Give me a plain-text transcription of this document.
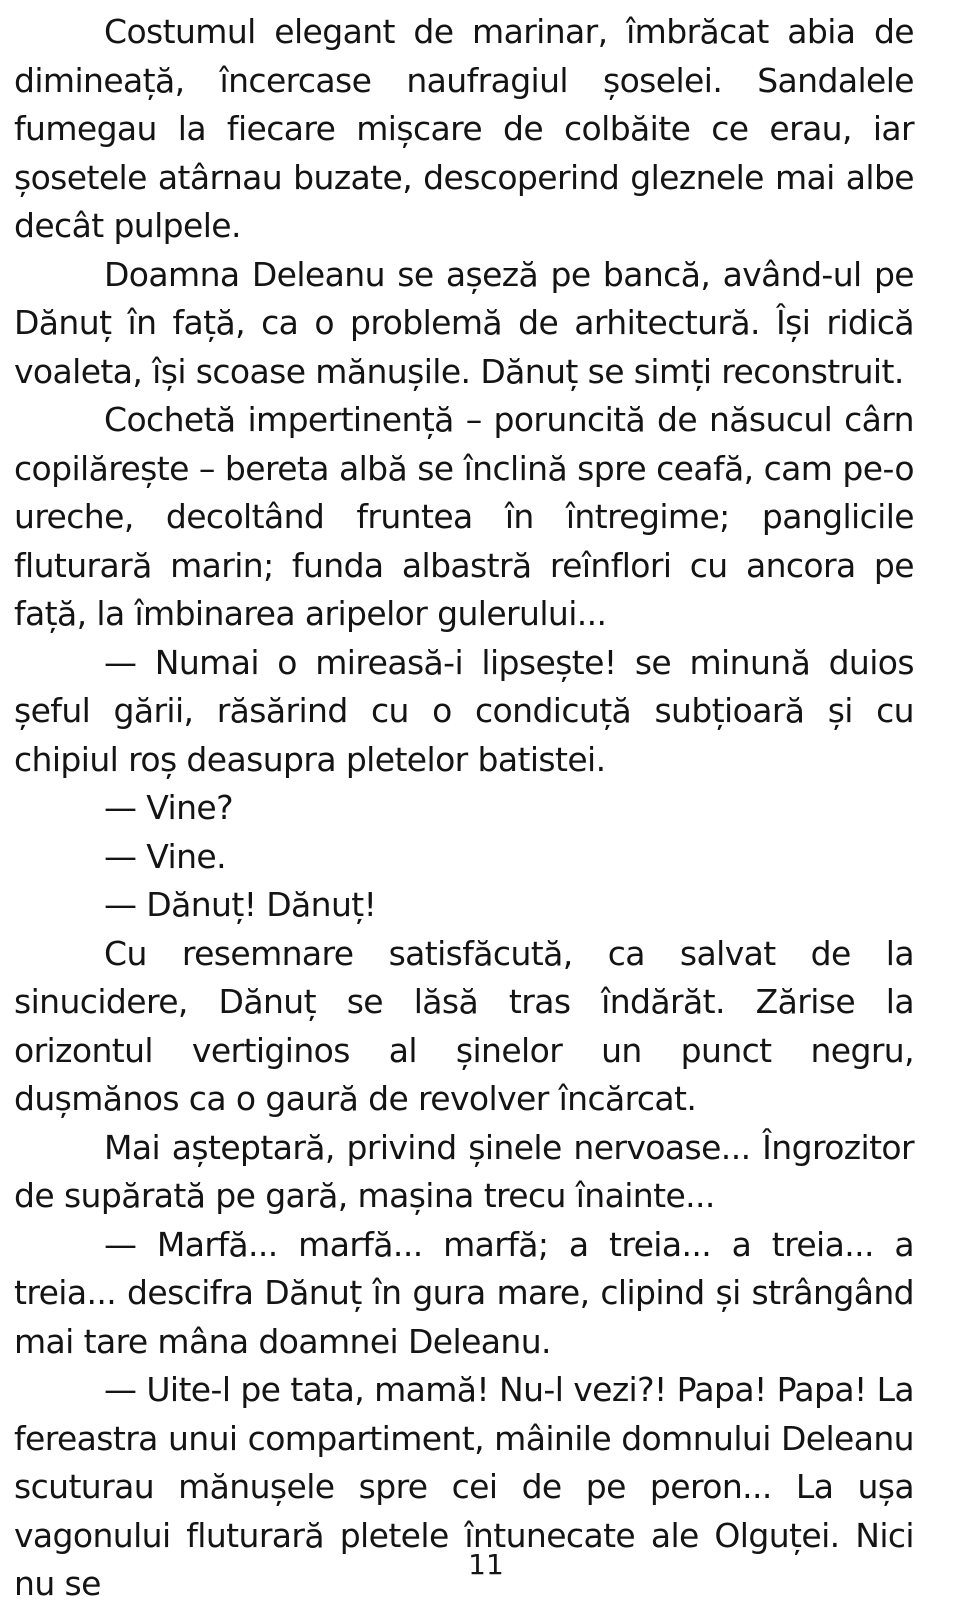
Costumul elegant de marinar, îmbrăcat abia de dimineață, încercase naufragiul șoselei. Sandalele fumegau la fiecare mișcare de colbăite ce erau, iar șosetele atârnau buzate, descoperind gleznele mai albe decât pulpele.

Doamna Deleanu se așeză pe bancă, având-ul pe Dănuț în față, ca o problemă de arhitectură. Își ridică voaleta, își scoase mănușile. Dănuț se simți reconstruit.

Cochetă impertinență – poruncită de năsucul cârn copilărește – bereta albă se înclină spre ceafă, cam pe-o ureche, decoltând fruntea în întregime; panglicile fluturară marin; funda albastră reînflori cu ancora pe față, la îmbinarea aripelor gulerului...

— Numai o mireasă-i lipsește! se minună duios șeful gării, răsărind cu o condicuță subțioară și cu chipiul roș deasupra pletelor batistei.

— Vine?

— Vine.

— Dănuț! Dănuț!

Cu resemnare satisfăcută, ca salvat de la sinucidere, Dănuț se lăsă tras îndărăt. Zărise la orizontul vertiginos al șinelor un punct negru, dușmănos ca o gaură de revolver încărcat.

Mai așteptară, privind șinele nervoase... Îngrozitor de supărată pe gară, mașina trecu înainte...

— Marfă... marfă... marfă; a treia... a treia... a treia... descifra Dănuț în gura mare, clipind și strângând mai tare mâna doamnei Deleanu.

— Uite-l pe tata, mamă! Nu-l vezi?! Papa! Papa! La fereastra unui compartiment, mâinile domnului Deleanu scuturau mănușele spre cei de pe peron... La ușa vagonului fluturară pletele întunecate ale Olguței. Nici nu se	11
